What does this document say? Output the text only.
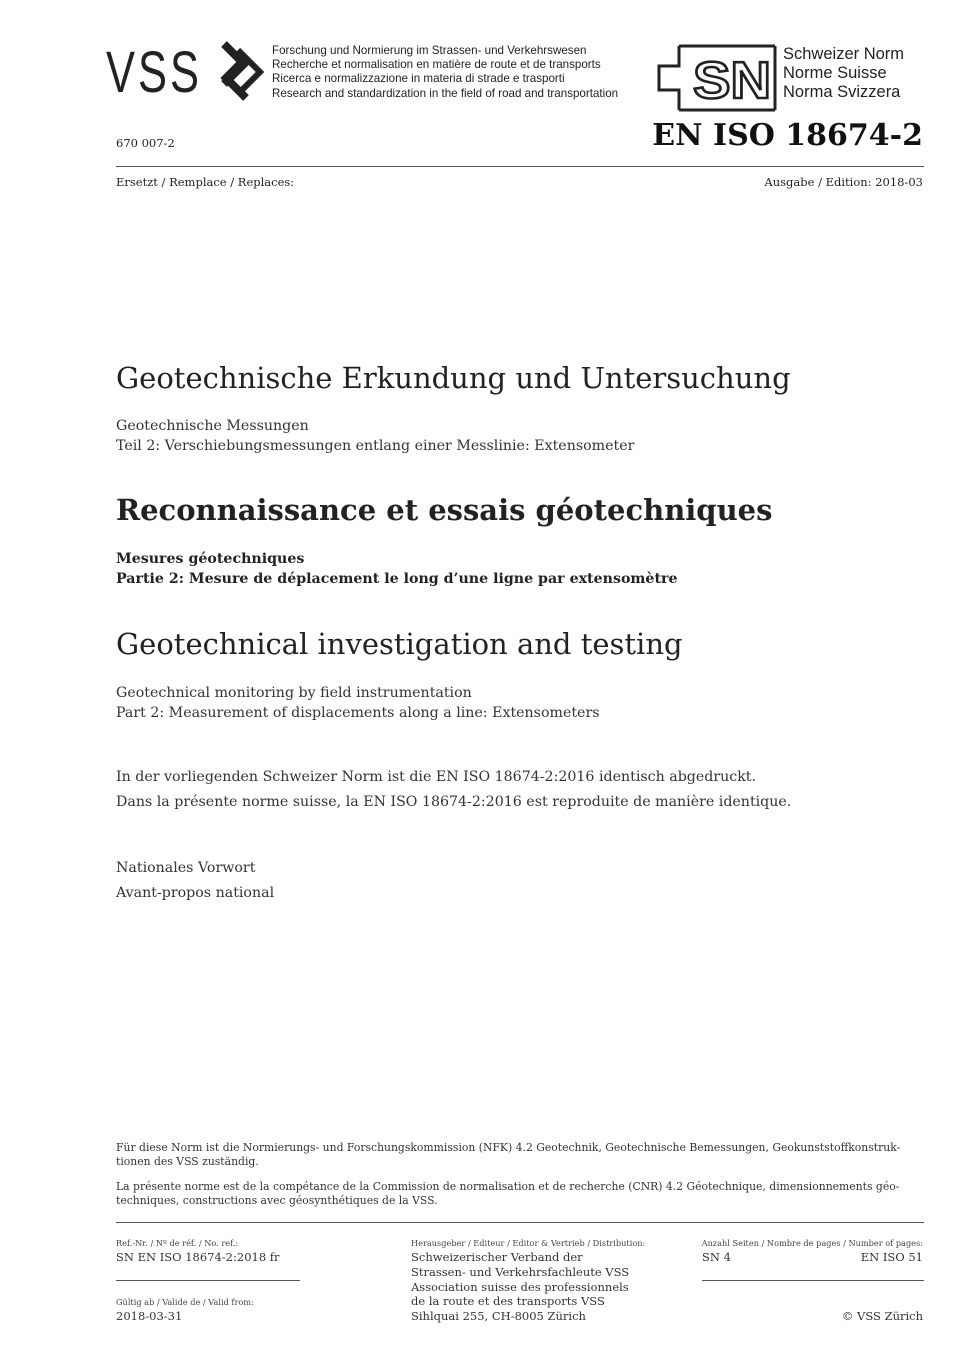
VSS	Forschung und Normierung im Strassen- und Verkehrswesen
Recherche et normalisation en matière de route et de transports
Ricerca e normalizzazione in materia di strade e trasporti
Research and standardization in the field of road and transportation SN Schweizer Norm
Norme Suisse
Norma Svizzera
670 007-2	EN ISO 18674-2
Ersetzt / Remplace / Replaces:	Ausgabe / Edition: 2018-03
Geotechnische Erkundung und Untersuchung
Geotechnische Messungen
Teil 2: Verschiebungsmessungen entlang einer Messlinie: Extensometer
Reconnaissance et essais géotechniques
Mesures géotechniques
Partie 2: Mesure de déplacement le long d’une ligne par extensomètre
Geotechnical investigation and testing
Geotechnical monitoring by field instrumentation
Part 2: Measurement of displacements along a line: Extensometers
In der vorliegenden Schweizer Norm ist die EN ISO 18674-2:2016 identisch abgedruckt.
Dans la présente norme suisse, la EN ISO 18674-2:2016 est reproduite de manière identique.
Nationales Vorwort
Avant-propos national
Für diese Norm ist die Normierungs- und Forschungskommission (NFK) 4.2 Geotechnik, Geotechnische Bemessungen, Geokunststoffkonstruk-
tionen des VSS zuständig.
La présente norme est de la compétance de la Commission de normalisation et de recherche (CNR) 4.2 Géotechnique, dimensionnements géo-
techniques, constructions avec géosynthétiques de la VSS.
Ref.-Nr. / Nº de réf. / No. ref.:
SN EN ISO 18674-2:2018 fr
Gültig ab / Valide de / Valid from:
2018-03-31
Herausgeber / Editeur / Editor & Vertrieb / Distribution:
Schweizerischer Verband der
Strassen- und Verkehrsfachleute VSS
Association suisse des professionnels
de la route et des transports VSS
Sihlquai 255, CH-8005 Zürich
Anzahl Seiten / Nombre de pages / Number of pages:
SN 4	EN ISO 51
© VSS Zürich
